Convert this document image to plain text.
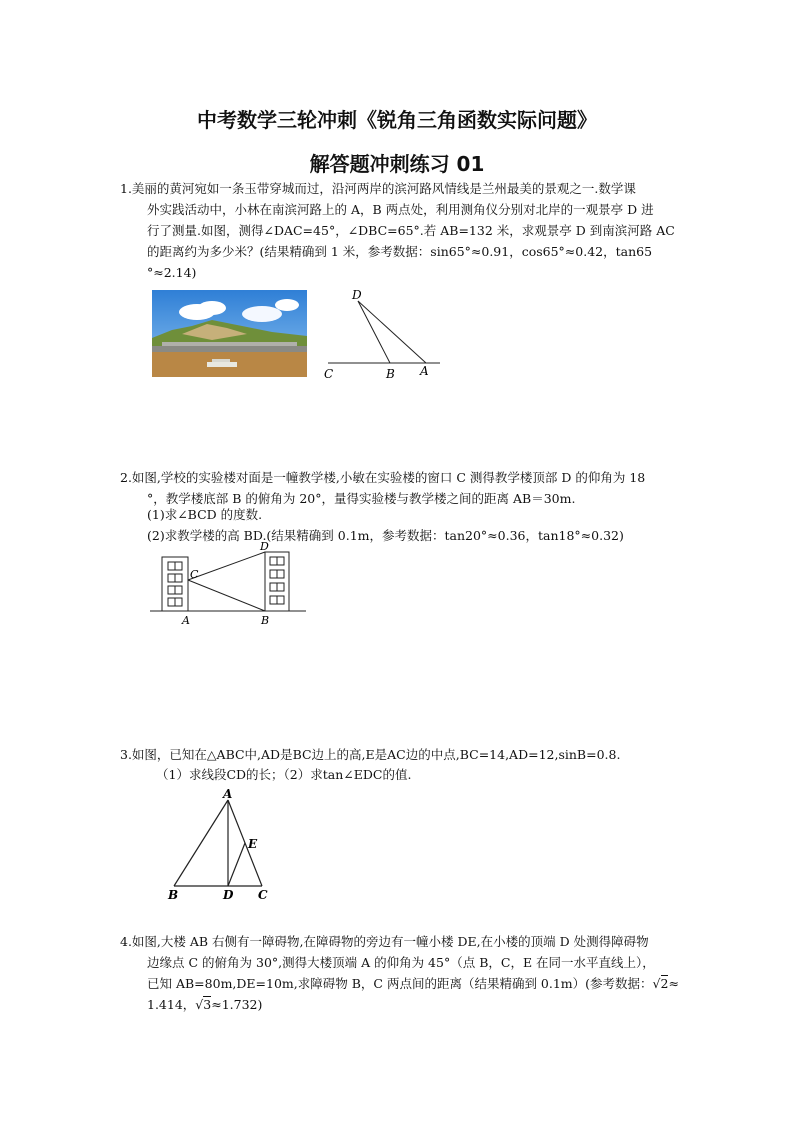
中考数学三轮冲刺《锐角三角函数实际问题》
解答题冲刺练习 01
1.美丽的黄河宛如一条玉带穿城而过，沿河两岸的滨河路风情线是兰州最美的景观之一.数学课
外实践活动中，小林在南滨河路上的 A，B 两点处，利用测角仪分别对北岸的一观景亭 D 进
行了测量.如图，测得∠DAC=45°，∠DBC=65°.若 AB=132 米，求观景亭 D 到南滨河路 AC
的距离约为多少米？(结果精确到 1 米，参考数据：sin65°≈0.91，cos65°≈0.42，tan65
°≈2.14)
D
C	B A
2.如图,学校的实验楼对面是一幢教学楼,小敏在实验楼的窗口 C 测得教学楼顶部 D 的仰角为 18
°，教学楼底部 B 的俯角为 20°，量得实验楼与教学楼之间的距离 AB＝30m.
(1)求∠BCD 的度数.
(2)求教学楼的高 BD.(结果精确到 0.1m，参考数据：tan20°≈0.36，tan18°≈0.32)
D
C
A	B
3.如图，已知在△ABC中,AD是BC边上的高,E是AC边的中点,BC=14,AD=12,sinB=0.8.
（1）求线段CD的长；（2）求tan∠EDC的值.
A
E
B	D C
4.如图,大楼 AB 右侧有一障碍物,在障碍物的旁边有一幢小楼 DE,在小楼的顶端 D 处测得障碍物
边缘点 C 的俯角为 30°,测得大楼顶端 A 的仰角为 45°（点 B，C，E 在同一水平直线上），
已知 AB=80m,DE=10m,求障碍物 B，C 两点间的距离（结果精确到 0.1m）(参考数据：√2≈
1.414，√3≈1.732)
